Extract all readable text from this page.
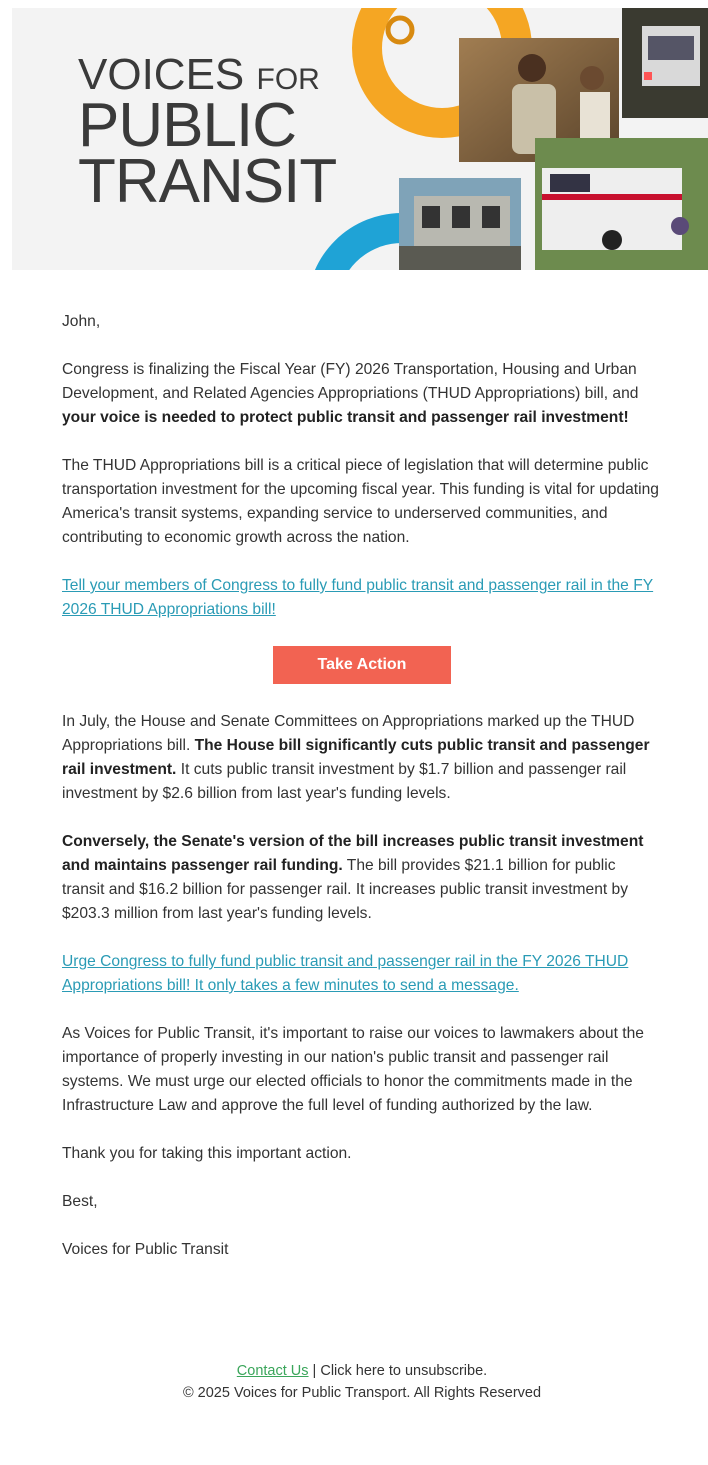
VOICES FOR
PUBLIC
TRANSIT

John,

Congress is finalizing the Fiscal Year (FY) 2026 Transportation, Housing and Urban Development, and Related Agencies Appropriations (THUD Appropriations) bill, and your voice is needed to protect public transit and passenger rail investment!

The THUD Appropriations bill is a critical piece of legislation that will determine public transportation investment for the upcoming fiscal year. This funding is vital for updating America's transit systems, expanding service to underserved communities, and contributing to economic growth across the nation.

Tell your members of Congress to fully fund public transit and passenger rail in the FY 2026 THUD Appropriations bill!

Take Action

In July, the House and Senate Committees on Appropriations marked up the THUD Appropriations bill. The House bill significantly cuts public transit and passenger rail investment. It cuts public transit investment by $1.7 billion and passenger rail investment by $2.6 billion from last year's funding levels.

Conversely, the Senate's version of the bill increases public transit investment and maintains passenger rail funding. The bill provides $21.1 billion for public transit and $16.2 billion for passenger rail. It increases public transit investment by $203.3 million from last year's funding levels.

Urge Congress to fully fund public transit and passenger rail in the FY 2026 THUD Appropriations bill! It only takes a few minutes to send a message.

As Voices for Public Transit, it's important to raise our voices to lawmakers about the importance of properly investing in our nation's public transit and passenger rail systems. We must urge our elected officials to honor the commitments made in the Infrastructure Law and approve the full level of funding authorized by the law.

Thank you for taking this important action.

Best,

Voices for Public Transit

Contact Us | Click here to unsubscribe.
© 2025 Voices for Public Transport. All Rights Reserved
